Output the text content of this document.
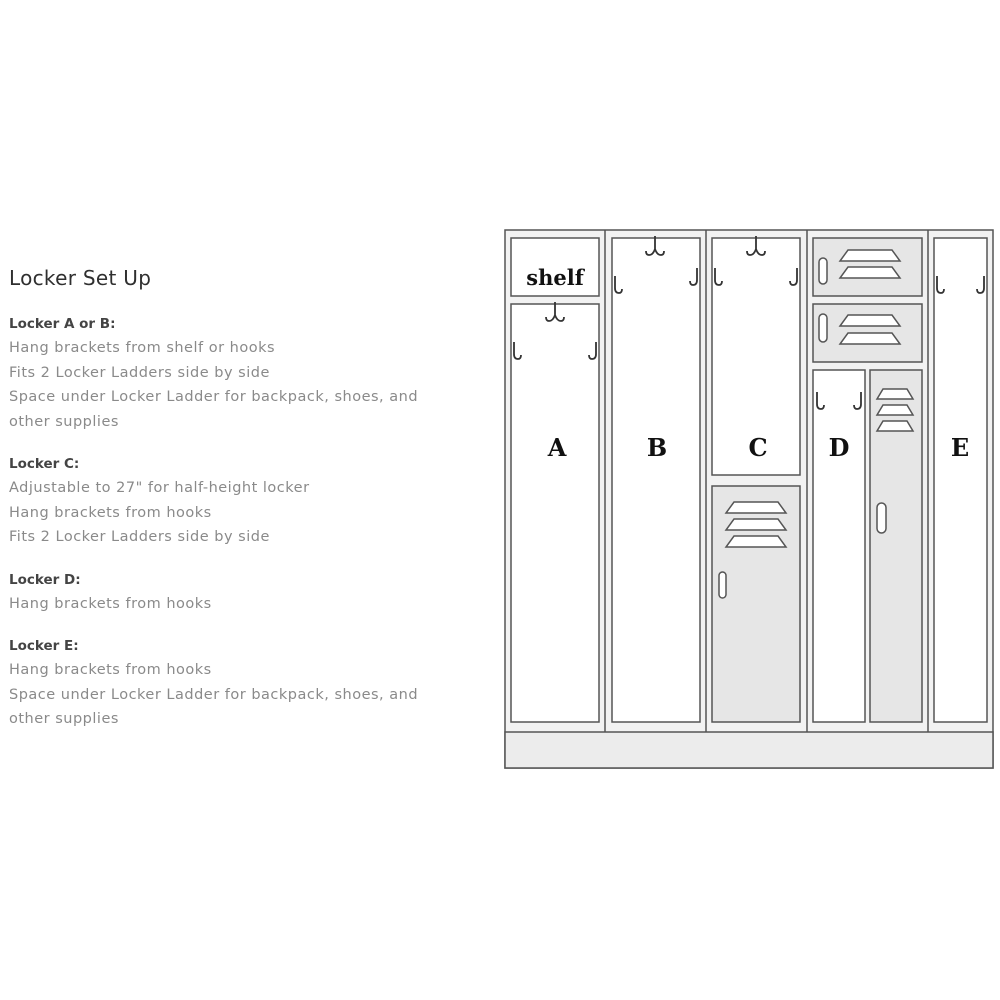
Locker Set Up
Locker A or B:
Hang brackets from shelf or hooks
Fits 2 Locker Ladders side by side
Space under Locker Ladder for backpack, shoes, and
other supplies
Locker C:
Adjustable to 27" for half-height locker
Hang brackets from hooks
Fits 2 Locker Ladders side by side
Locker D:
Hang brackets from hooks
Locker E:
Hang brackets from hooks
Space under Locker Ladder for backpack, shoes, and
other supplies
shelf
A	B	C	D	E
